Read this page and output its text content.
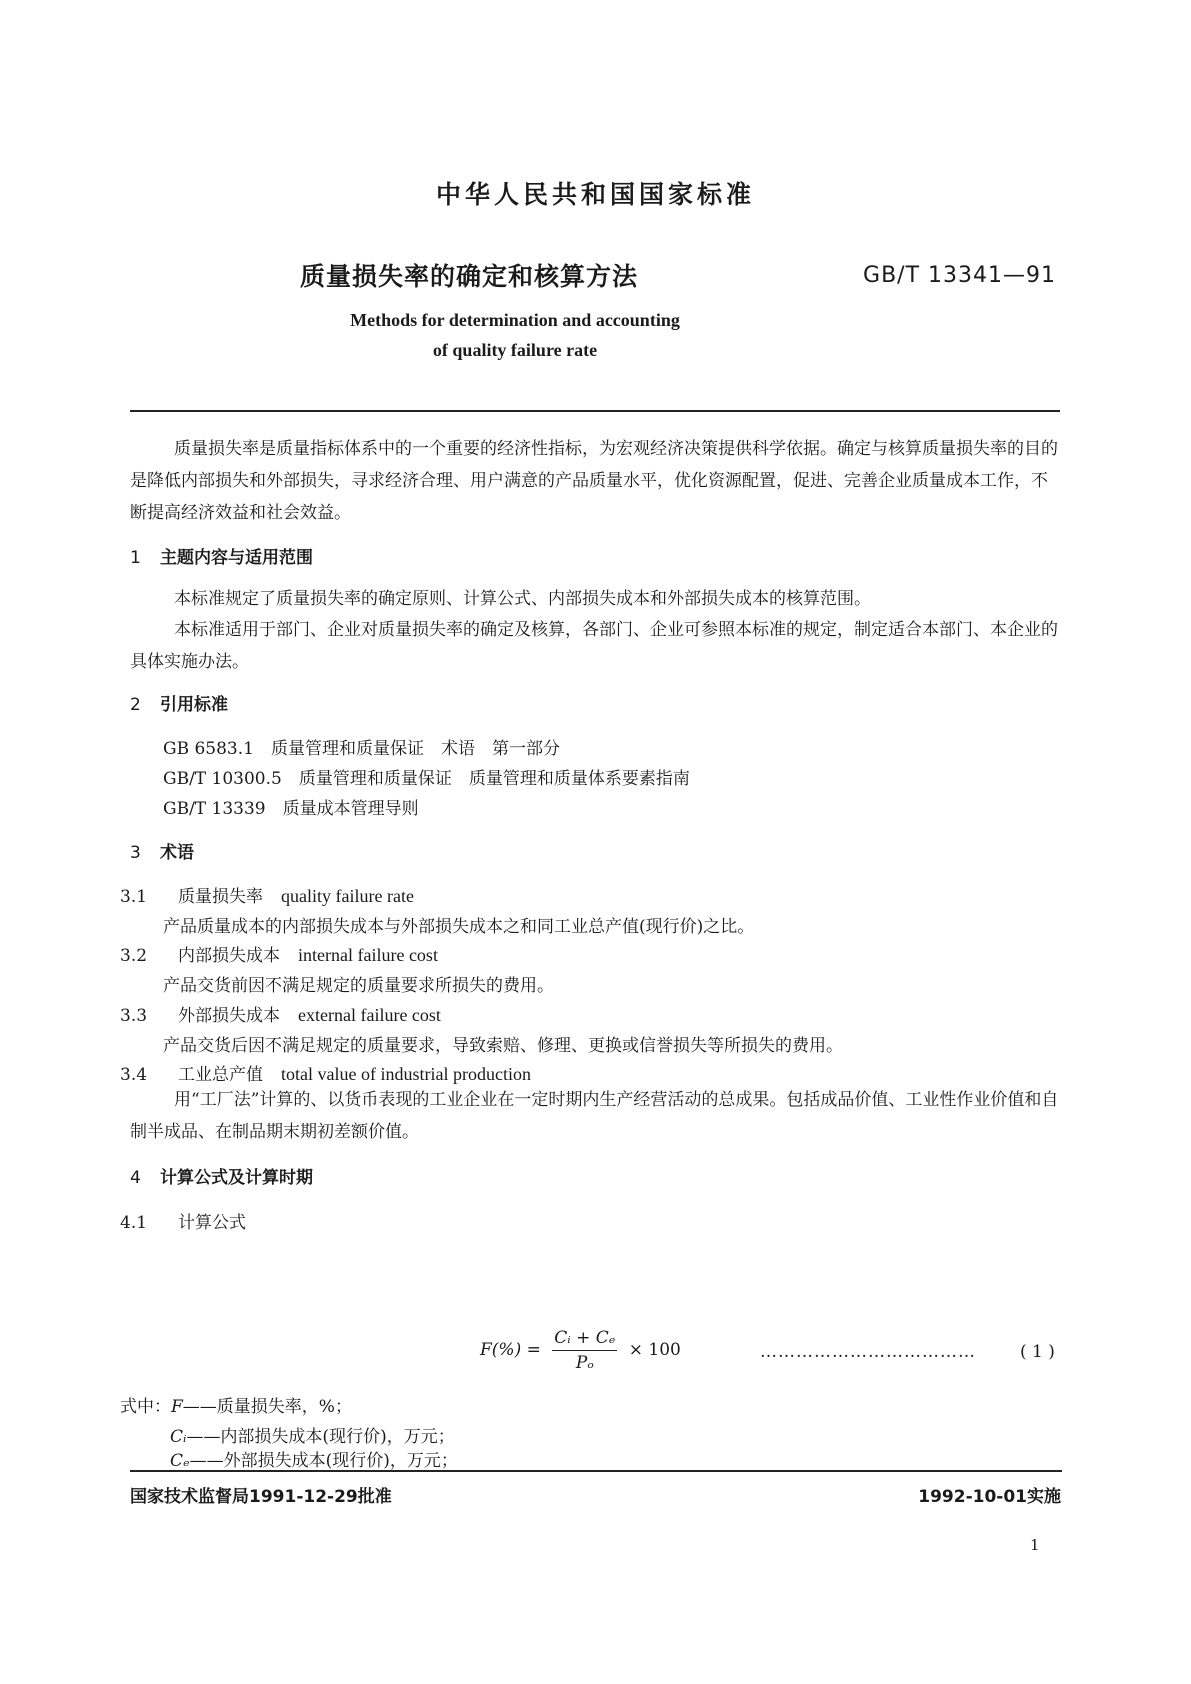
中华人民共和国国家标准
质量损失率的确定和核算方法	GB/T 13341—91
Methods for determination and accounting
of quality failure rate
质量损失率是质量指标体系中的一个重要的经济性指标，为宏观经济决策提供科学依据。确定与核算质量损失率的目的是降低内部损失和外部损失，寻求经济合理、用户满意的产品质量水平，优化资源配置，促进、完善企业质量成本工作，不断提高经济效益和社会效益。
1 主题内容与适用范围
本标准规定了质量损失率的确定原则、计算公式、内部损失成本和外部损失成本的核算范围。
本标准适用于部门、企业对质量损失率的确定及核算，各部门、企业可参照本标准的规定，制定适合本部门、本企业的具体实施办法。
2 引用标准
GB 6583.1　质量管理和质量保证　术语　第一部分
GB/T 10300.5　质量管理和质量保证　质量管理和质量体系要素指南
GB/T 13339　质量成本管理导则
3 术语
3.1 质量损失率 quality failure rate
产品质量成本的内部损失成本与外部损失成本之和同工业总产值(现行价)之比。
3.2 内部损失成本 internal failure cost
产品交货前因不满足规定的质量要求所损失的费用。
3.3 外部损失成本 external failure cost
产品交货后因不满足规定的质量要求，导致索赔、修理、更换或信誉损失等所损失的费用。
3.4 工业总产值 total value of industrial production
用“工厂法”计算的、以货币表现的工业企业在一定时期内生产经营活动的总成果。包括成品价值、工业性作业价值和自制半成品、在制品期末期初差额价值。
4 计算公式及计算时期
4.1 计算公式
$F(\%) = \frac{\text{Cᵢ + Cₑ}}{\text{Pₒ}} \times 100$	………………………………	( 1 )
式中：F——质量损失率，%；
Cᵢ——内部损失成本(现行价)，万元；
Cₑ——外部损失成本(现行价)，万元；
国家技术监督局1991-12-29批准	1992-10-01实施
1
